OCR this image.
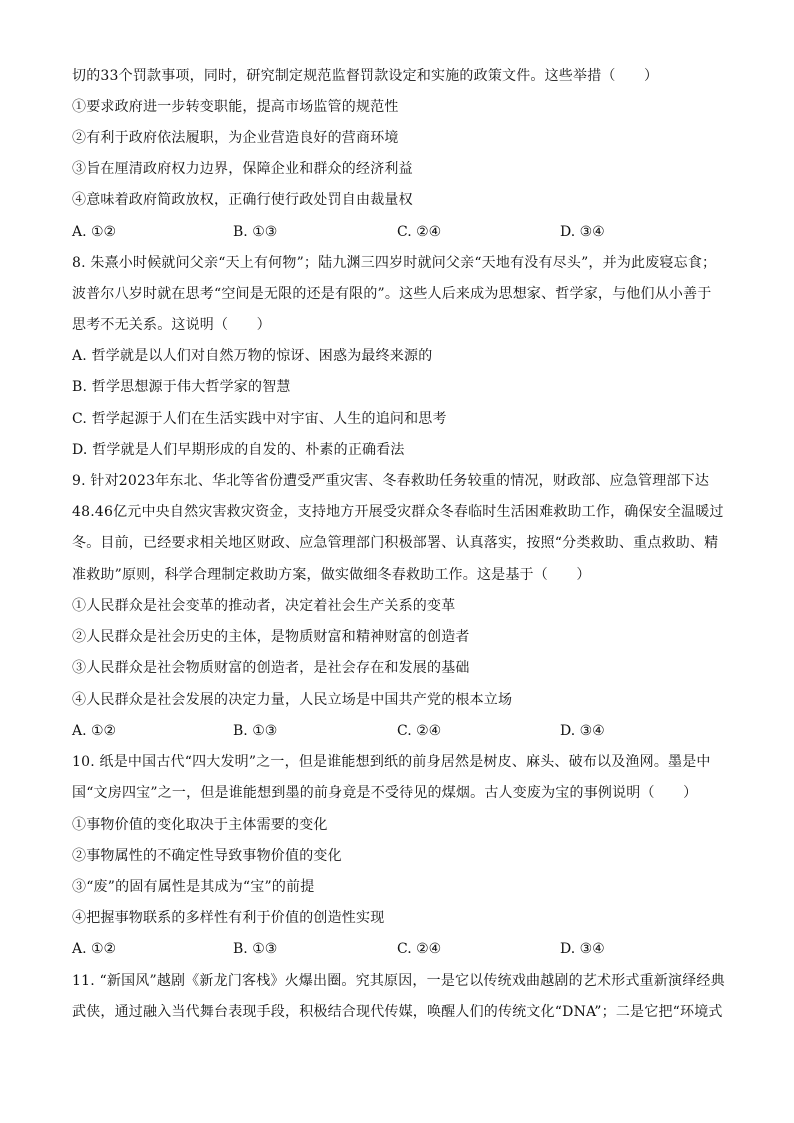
切的33个罚款事项，同时，研究制定规范监督罚款设定和实施的政策文件。这些举措（　　）
①要求政府进一步转变职能，提高市场监管的规范性
②有利于政府依法履职，为企业营造良好的营商环境
③旨在厘清政府权力边界，保障企业和群众的经济利益
④意味着政府简政放权，正确行使行政处罚自由裁量权
A. ①②	B. ①③	C. ②④	D. ③④
8. 朱熹小时候就问父亲“天上有何物”；陆九渊三四岁时就问父亲“天地有没有尽头”，并为此废寝忘食；
波普尔八岁时就在思考“空间是无限的还是有限的”。这些人后来成为思想家、哲学家，与他们从小善于
思考不无关系。这说明（　　）
A. 哲学就是以人们对自然万物的惊讶、困惑为最终来源的
B. 哲学思想源于伟大哲学家的智慧
C. 哲学起源于人们在生活实践中对宇宙、人生的追问和思考
D. 哲学就是人们早期形成的自发的、朴素的正确看法
9. 针对2023年东北、华北等省份遭受严重灾害、冬春救助任务较重的情况，财政部、应急管理部下达
48.46亿元中央自然灾害救灾资金，支持地方开展受灾群众冬春临时生活困难救助工作，确保安全温暖过
冬。目前，已经要求相关地区财政、应急管理部门积极部署、认真落实，按照“分类救助、重点救助、精
准救助”原则，科学合理制定救助方案，做实做细冬春救助工作。这是基于（　　）
①人民群众是社会变革的推动者，决定着社会生产关系的变革
②人民群众是社会历史的主体，是物质财富和精神财富的创造者
③人民群众是社会物质财富的创造者，是社会存在和发展的基础
④人民群众是社会发展的决定力量，人民立场是中国共产党的根本立场
A. ①②	B. ①③	C. ②④	D. ③④
10. 纸是中国古代“四大发明”之一，但是谁能想到纸的前身居然是树皮、麻头、破布以及渔网。墨是中
国“文房四宝”之一，但是谁能想到墨的前身竟是不受待见的煤烟。古人变废为宝的事例说明（　　）
①事物价值的变化取决于主体需要的变化
②事物属性的不确定性导致事物价值的变化
③“废”的固有属性是其成为“宝”的前提
④把握事物联系的多样性有利于价值的创造性实现
A. ①②	B. ①③	C. ②④	D. ③④
11. “新国风”越剧《新龙门客栈》火爆出圈。究其原因，一是它以传统戏曲越剧的艺术形式重新演绎经典
武侠，通过融入当代舞台表现手段，积极结合现代传媒，唤醒人们的传统文化“DNA”；二是它把“环境式
